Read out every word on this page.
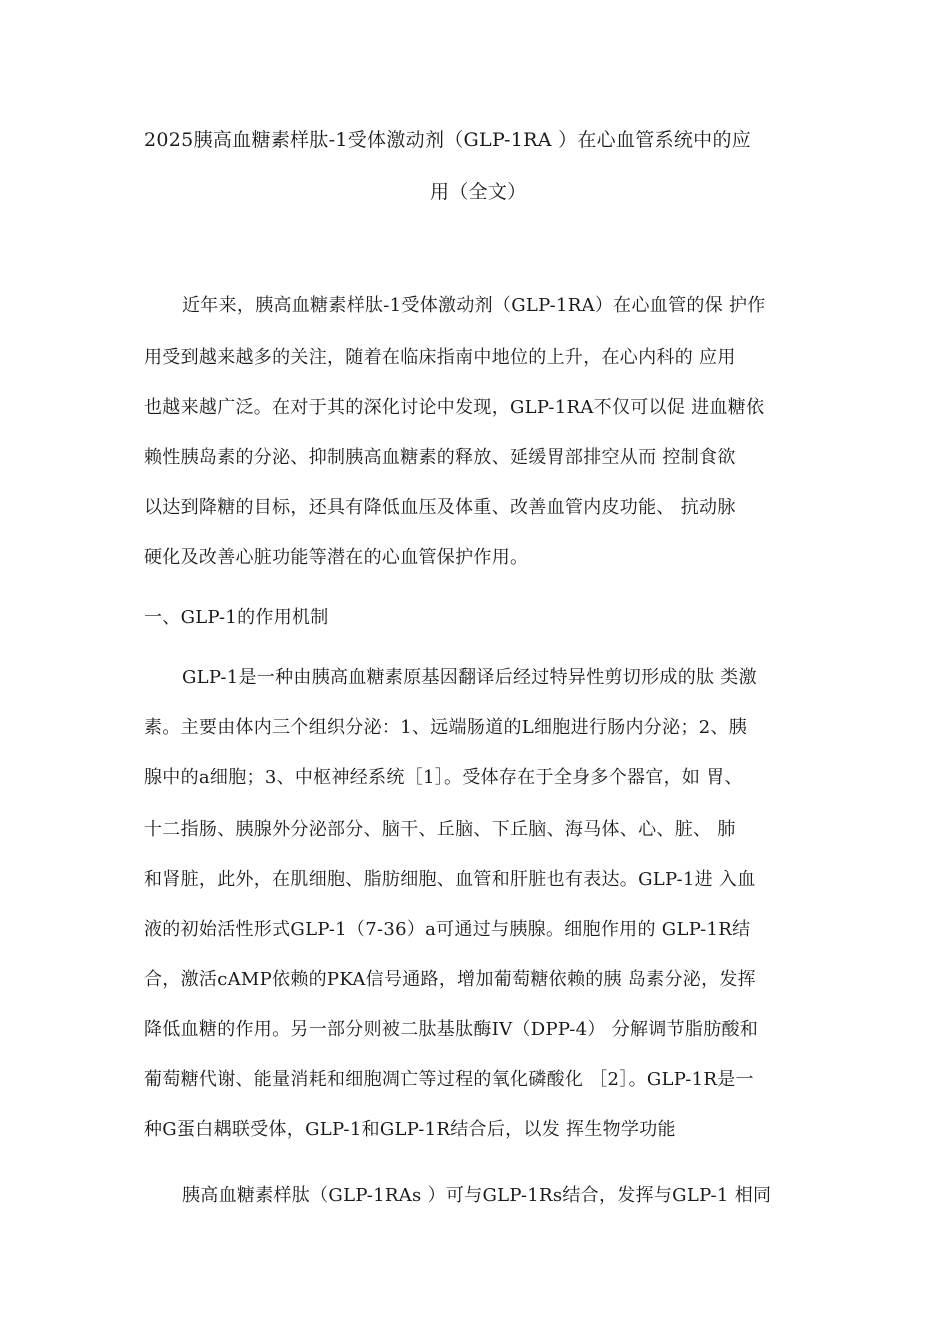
2025胰高血糖素样肽-1受体激动剂（GLP-1RA ）在心血管系统中的应
用（全文）
近年来，胰高血糖素样肽-1受体激动剂（GLP-1RA）在心血管的保 护作
用受到越来越多的关注，随着在临床指南中地位的上升，在心内科的 应用
也越来越广泛。在对于其的深化讨论中发现，GLP-1RA不仅可以促 进血糖依
赖性胰岛素的分泌、抑制胰高血糖素的释放、延缓胃部排空从而 控制食欲
以达到降糖的目标，还具有降低血压及体重、改善血管内皮功能、 抗动脉
硬化及改善心脏功能等潜在的心血管保护作用。
一、GLP-1的作用机制
GLP-1是一种由胰高血糖素原基因翻译后经过特异性剪切形成的肽 类激
素。主要由体内三个组织分泌：1、远端肠道的L细胞进行肠内分泌；2、胰
腺中的a细胞；3、中枢神经系统［1］。受体存在于全身多个器官，如 胃、
十二指肠、胰腺外分泌部分、脑干、丘脑、下丘脑、海马体、心、脏、 肺
和肾脏，此外，在肌细胞、脂肪细胞、血管和肝脏也有表达。GLP-1进 入血
液的初始活性形式GLP-1（7-36）a可通过与胰腺。细胞作用的 GLP-1R结
合，激活cAMP依赖的PKA信号通路，增加葡萄糖依赖的胰 岛素分泌，发挥
降低血糖的作用。另一部分则被二肽基肽酶IV（DPP-4） 分解调节脂肪酸和
葡萄糖代谢、能量消耗和细胞凋亡等过程的氧化磷酸化 ［2］。GLP-1R是一
种G蛋白耦联受体，GLP-1和GLP-1R结合后，以发 挥生物学功能
胰高血糖素样肽（GLP-1RAs ）可与GLP-1Rs结合，发挥与GLP-1 相同
